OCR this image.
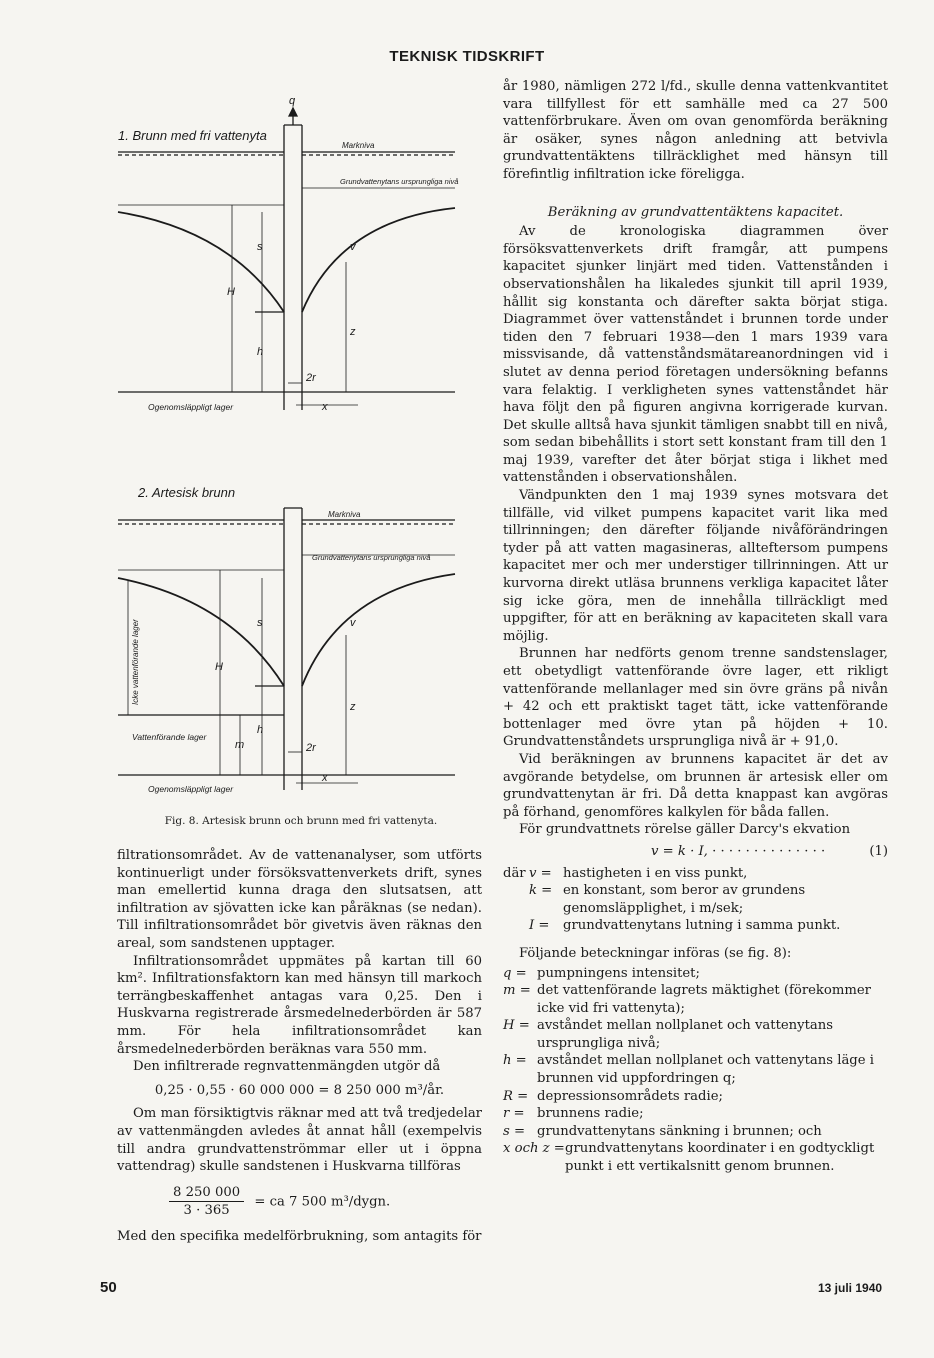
TEKNISK TIDSKRIFT
1. Brunn med fri vattenyta
q
Markniva
Grundvattenytans ursprungliga nivå
s	v
H
h
z
2r
x
Ogenomsläppligt lager
2. Artesisk brunn
Markniva
Grundvattenytans ursprungliga nivå
s	v
H
h
z
m	2r
x
Icke vattenförande lager
Vattenförande lager
Ogenomsläppligt lager
Fig. 8. Artesisk brunn och brunn med fri vattenyta.

filtrationsområdet. Av de vattenanalyser, som utförts kontinuerligt under försöksvattenverkets drift, synes man emellertid kunna draga den slutsatsen, att infiltration av sjövatten icke kan påräknas (se nedan). Till infiltrationsområdet bör givetvis även räknas den areal, som sandstenen upptager.

Infiltrationsområdet uppmätes på kartan till 60 km². Infiltrationsfaktorn kan med hänsyn till markoch terrängbeskaffenhet antagas vara 0,25. Den i Huskvarna registrerade årsmedelnederbörden är 587 mm. För hela infiltrationsområdet kan årsmedelnederbörden beräknas vara 550 mm.

Den infiltrerade regnvattenmängden utgör då

0,25 · 0,55 · 60 000 000 = 8 250 000 m³/år.

Om man försiktigtvis räknar med att två tredjedelar av vattenmängden avledes åt annat håll (exempelvis till andra grundvattenströmmar eller ut i öppna vattendrag) skulle sandstenen i Huskvarna tillföras

$\frac{8 250 000}{3 \cdot 365}$ = ca 7 500 m³/dygn.

Med den specifika medelförbrukning, som antagits för

år 1980, nämligen 272 l/fd., skulle denna vattenkvantitet vara tillfyllest för ett samhälle med ca 27 500 vattenförbrukare. Även om ovan genomförda beräkning är osäker, synes någon anledning att betvivla grundvattentäktens tillräcklighet med hänsyn till förefintlig infiltration icke föreligga.

Beräkning av grundvattentäktens kapacitet.

Av de kronologiska diagrammen över försöksvattenverkets drift framgår, att pumpens kapacitet sjunker linjärt med tiden. Vattenstånden i observationshålen ha likaledes sjunkit till april 1939, hållit sig konstanta och därefter sakta börjat stiga. Diagrammet över vattenståndet i brunnen torde under tiden den 7 februari 1938—den 1 mars 1939 vara missvisande, då vattenståndsmätareanordningen vid i slutet av denna period företagen undersökning befanns vara felaktig. I verkligheten synes vattenståndet här hava följt den på figuren angivna korrigerade kurvan. Det skulle alltså hava sjunkit tämligen snabbt till en nivå, som sedan bibehållits i stort sett konstant fram till den 1 maj 1939, varefter det åter börjat stiga i likhet med vattenstånden i observationshålen.

Vändpunkten den 1 maj 1939 synes motsvara det tillfälle, vid vilket pumpens kapacitet varit lika med tillrinningen; den därefter följande nivåförändringen tyder på att vatten magasineras, allteftersom pumpens kapacitet mer och mer understiger tillrinningen. Att ur kurvorna direkt utläsa brunnens verkliga kapacitet låter sig icke göra, men de innehålla tillräckligt med uppgifter, för att en beräkning av kapaciteten skall vara möjlig.

Brunnen har nedförts genom trenne sandstenslager, ett obetydligt vattenförande övre lager, ett rikligt vattenförande mellanlager med sin övre gräns på nivån + 42 och ett praktiskt taget tätt, icke vattenförande bottenlager med övre ytan på höjden + 10. Grundvattenståndets ursprungliga nivå är + 91,0.

Vid beräkningen av brunnens kapacitet är det av avgörande betydelse, om brunnen är artesisk eller om grundvattenytan är fri. Då detta knappast kan avgöras på förhand, genomföres kalkylen för båda fallen.

För grundvattnets rörelse gäller Darcy's ekvation

v = k · I, · · · · · · · · · · · · · ·	(1)

där v = hastigheten i en viss punkt,
k = en konstant, som beror av grundens genomsläpplighet, i m/sek;
I =	grundvattenytans lutning i samma punkt.

Följande beteckningar införas (se fig. 8):

q = pumpningens intensitet;
m = det vattenförande lagrets mäktighet (förekommer icke vid fri vattenyta);
H = avståndet mellan nollplanet och vattenytans ursprungliga nivå;
h = avståndet mellan nollplanet och vattenytans läge i brunnen vid uppfordringen q;
R = depressionsområdets radie;
r = brunnens radie;
s = grundvattenytans sänkning i brunnen; och
x och z = grundvattenytans koordinater i en godtyckligt punkt i ett vertikalsnitt genom brunnen.
50	13 juli 1940
